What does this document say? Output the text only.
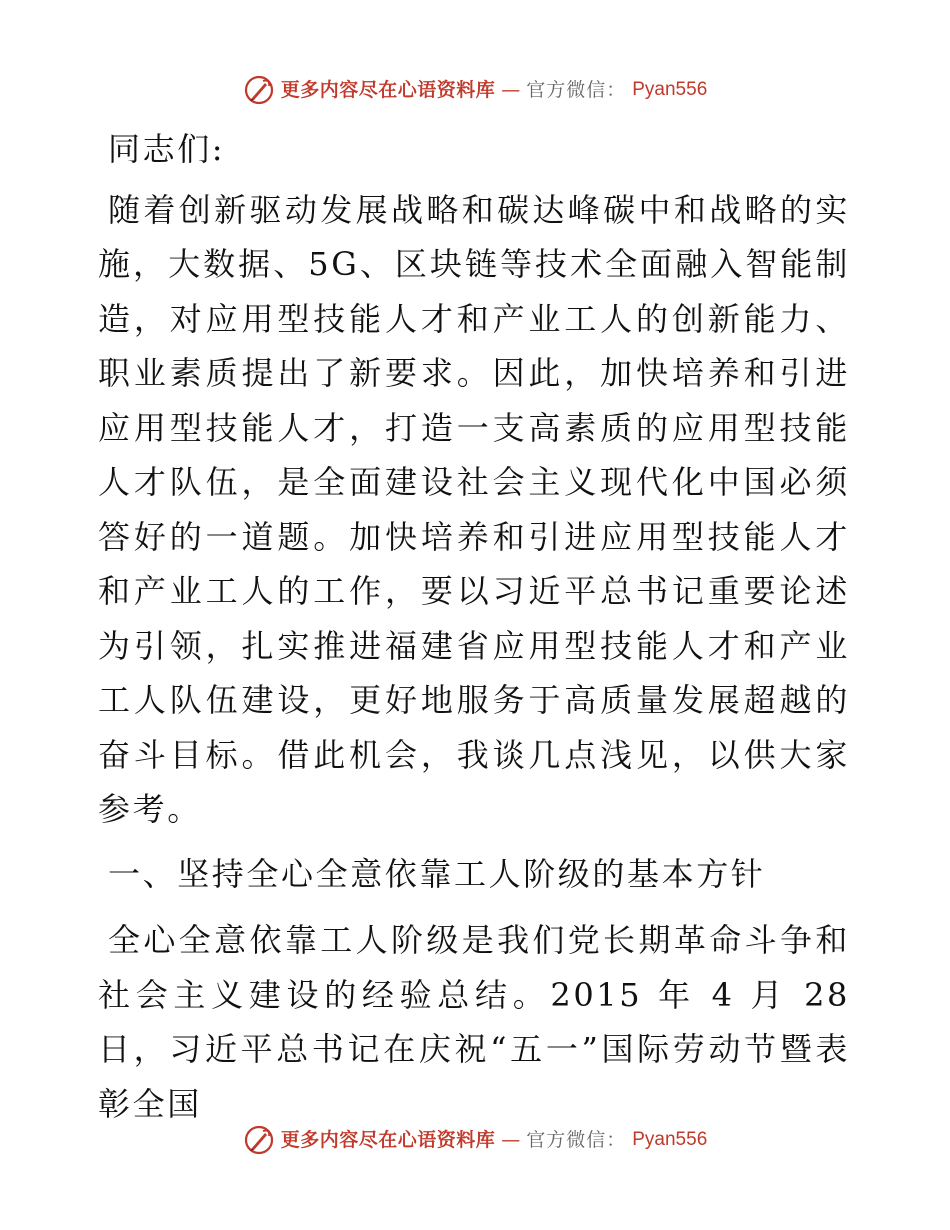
更多内容尽在心语资料库 — 官方微信： Pyan556

同志们:

随着创新驱动发展战略和碳达峰碳中和战略的实施，大数据、5G、区块链等技术全面融入智能制造，对应用型技能人才和产业工人的创新能力、职业素质提出了新要求。因此，加快培养和引进应用型技能人才，打造一支高素质的应用型技能人才队伍，是全面建设社会主义现代化中国必须答好的一道题。加快培养和引进应用型技能人才和产业工人的工作，要以习近平总书记重要论述为引领，扎实推进福建省应用型技能人才和产业工人队伍建设，更好地服务于高质量发展超越的奋斗目标。借此机会，我谈几点浅见，以供大家参考。

一、坚持全心全意依靠工人阶级的基本方针

全心全意依靠工人阶级是我们党长期革命斗争和社会主义建设的经验总结。2015 年 4 月 28 日，习近平总书记在庆祝“五一”国际劳动节暨表彰全国

更多内容尽在心语资料库 — 官方微信： Pyan556
